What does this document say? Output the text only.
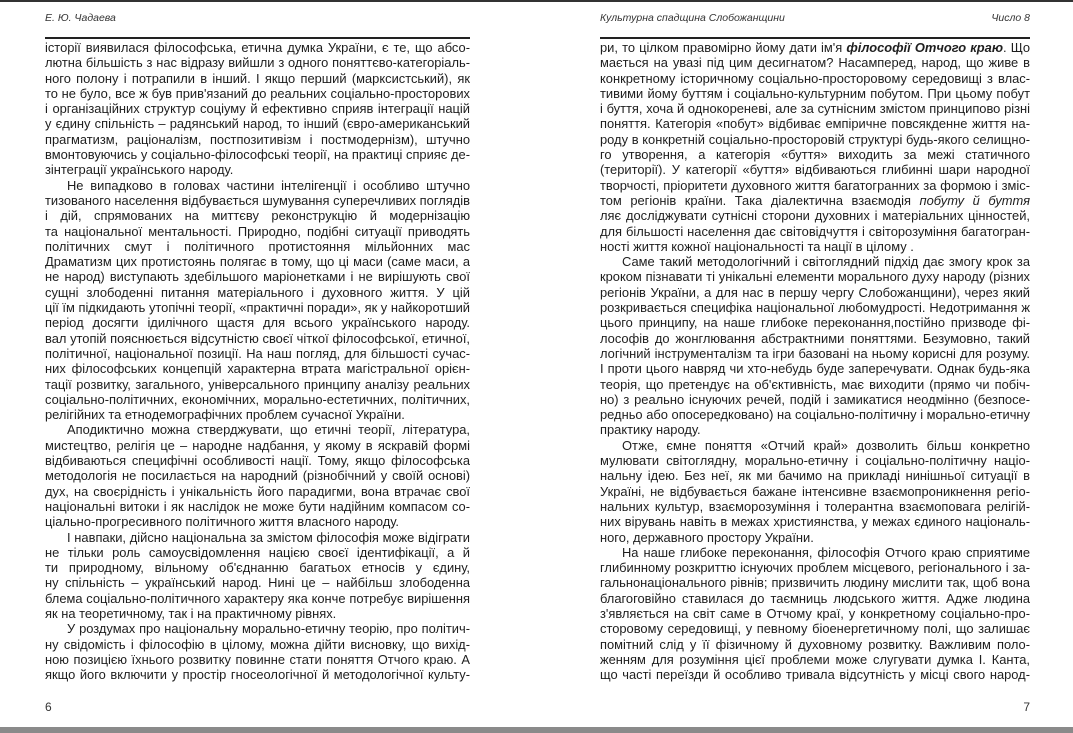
Е. Ю. Чадаева
історії виявилася філософська, етична думка України, є те, що абсо-
лютна більшість з нас відразу вийшли з одного поняттєво-категоріаль-
ного полону і потрапили в інший. І якщо перший (марксистський), як
то не було, все ж був прив'язаний до реальних соціально-просторових
і організаційних структур соціуму й ефективно сприяв інтеграції націй
у єдину спільність – радянський народ, то інший (євро-американський
прагматизм, раціоналізм, постпозитивізм і постмодернізм), штучно
вмонтовуючись у соціально-філософські теорії, на практиці сприяє де-
зінтеграції українського народу.
Не випадково в головах частини інтелігенції і особливо штучно
тизованого населення відбувається шумування суперечливих поглядів
і дій, спрямованих на миттєву реконструкцію й модернізацію
та національної ментальності. Природно, подібні ситуації приводять
політичних смут і політичного протистояння мільйонних мас
Драматизм цих протистоянь полягає в тому, що ці маси (саме маси, а
не народ) виступають здебільшого маріонетками і не вирішують свої
сущні злободенні питання матеріального і духовного життя. У цій
ції їм підкидають утопічні теорії, «практичні поради», як у найкоротший
період досягти ідилічного щастя для всього українського народу.
вал утопій пояснюється відсутністю своєї чіткої філософської, етичної,
політичної, національної позиції. На наш погляд, для більшості сучас-
них філософських концепцій характерна втрата магістральної орієн-
тації розвитку, загального, універсального принципу аналізу реальних
соціально-політичних, економічних, морально-естетичних, політичних,
релігійних та етнодемографічних проблем сучасної України.
Аподиктично можна стверджувати, що етичні теорії, література,
мистецтво, релігія це – народне надбання, у якому в яскравій формі
відбиваються специфічні особливості нації. Тому, якщо філософська
методологія не посилається на народний (різнобічний у своїй основі)
дух, на своєрідність і унікальність його парадигми, вона втрачає свої
національні витоки і як наслідок не може бути надійним компасом со-
ціально-прогресивного політичного життя власного народу.
І навпаки, дійсно національна за змістом філософія може відіграти
не тільки роль самоусвідомлення нацією своєї ідентифікації, а й
ти природному, вільному об'єднанню багатьох етносів у єдину,
ну спільність – український народ. Нині це – найбільш злободенна
блема соціально-політичного характеру яка конче потребує вирішення
як на теоретичному, так і на практичному рівнях.
У роздумах про національну морально-етичну теорію, про політич-
ну свідомість і філософію в цілому, можна дійти висновку, що вихід-
ною позицією їхнього розвитку повинне стати поняття Отчого краю. А
якщо його включити у простір гносеологічної й методологічної культу-
6
Культурна спадщина Слобожанщини	Число 8
ри, то цілком правомірно йому дати ім'я філософії Отчого краю. Що
мається на увазі під цим десигнатом? Насамперед, народ, що живе в
конкретному історичному соціально-просторовому середовищі з влас-
тивими йому буттям і соціально-культурним побутом. При цьому побут
і буття, хоча й однокореневі, але за сутнісним змістом принципово різні
поняття. Категорія «побут» відбиває емпіричне повсякденне життя на-
роду в конкретній соціально-просторовій структурі будь-якого селищно-
го утворення, а категорія «буття» виходить за межі статичного
(території). У категорії «буття» відбиваються глибинні шари народної
творчості, пріоритети духовного життя багатогранних за формою і зміс-
том регіонів країни. Така діалектична взаємодія побуту й буття
ляє досліджувати сутнісні сторони духовних і матеріальних цінностей,
для більшості населення дає світовідчуття і світорозуміння багатогран-
ності життя кожної національності та нації в цілому .
Саме такий методологічний і світоглядний підхід дає змогу крок за
кроком пізнавати ті унікальні елементи морального духу народу (різних
регіонів України, а для нас в першу чергу Слобожанщини), через який
розкривається специфіка національної любомудрості. Недотримання ж
цього принципу, на наше глибоке переконання,постійно призводе фі-
лософів до жонглювання абстрактними поняттями. Безумовно, такий
логічний інструменталізм та ігри базовані на ньому корисні для розуму.
І проти цього навряд чи хто-небудь буде заперечувати. Однак будь-яка
теорія, що претендує на об'єктивність, має виходити (прямо чи побіч-
но) з реально існуючих речей, подій і замикатися неодмінно (безпосе-
редньо або опосередковано) на соціально-політичну і морально-етичну
практику народу.
Отже, ємне поняття «Отчий край» дозволить більш конкретно
мулювати світоглядну, морально-етичну і соціально-політичну націо-
нальну ідею. Без неї, як ми бачимо на прикладі нинішньої ситуації в
Україні, не відбувається бажане інтенсивне взаємопроникнення регіо-
нальних культур, взаєморозуміння і толерантна взаємоповага релігій-
них вірувань навіть в межах християнства, у межах єдиного національ-
ного, державного простору України.
На наше глибоке переконання, філософія Отчого краю сприятиме
глибинному розкриттю існуючих проблем місцевого, регіонального і за-
гальнонаціонального рівнів; призвичить людину мислити так, щоб вона
благоговійно ставилася до таємниць людського життя. Адже людина
з'являється на світ саме в Отчому краї, у конкретному соціально-про-
сторовому середовищі, у певному біоенергетичному полі, що залишає
помітний слід у її фізичному й духовному розвитку. Важливим поло-
женням для розуміння цієї проблеми може слугувати думка І. Канта,
що часті переїзди й особливо тривала відсутність у місці свого народ-
7
